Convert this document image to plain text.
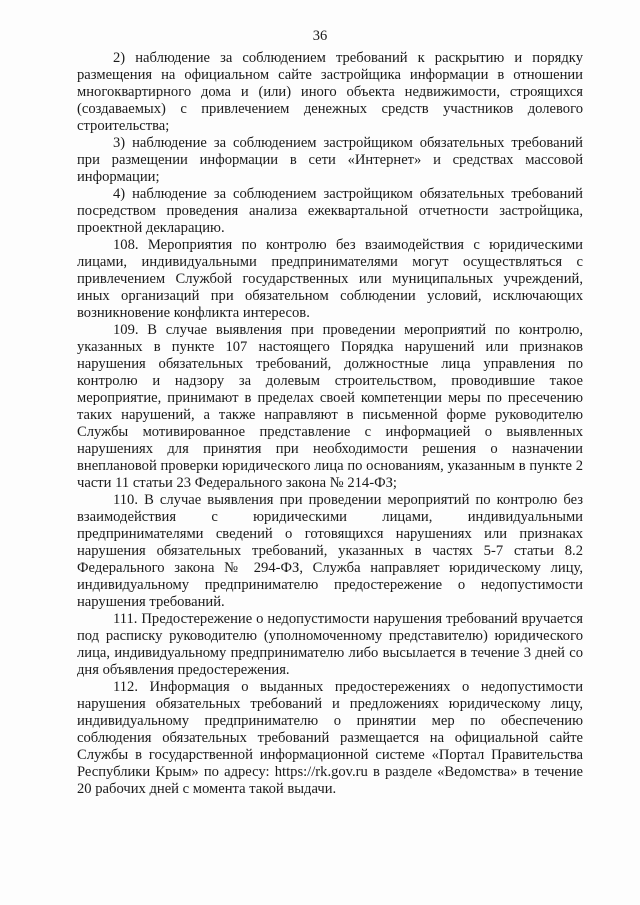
36

2) наблюдение за соблюдением требований к раскрытию и порядку размещения на официальном сайте застройщика информации в отношении многоквартирного дома и (или) иного объекта недвижимости, строящихся (создаваемых) с привлечением денежных средств участников долевого строительства;

3) наблюдение за соблюдением застройщиком обязательных требований при размещении информации в сети «Интернет» и средствах массовой информации;

4) наблюдение за соблюдением застройщиком обязательных требований посредством проведения анализа ежеквартальной отчетности застройщика, проектной декларацию.

108. Мероприятия по контролю без взаимодействия с юридическими лицами, индивидуальными предпринимателями могут осуществляться с привлечением Службой государственных или муниципальных учреждений, иных организаций при обязательном соблюдении условий, исключающих возникновение конфликта интересов.

109. В случае выявления при проведении мероприятий по контролю, указанных в пункте 107 настоящего Порядка нарушений или признаков нарушения обязательных требований, должностные лица управления по контролю и надзору за долевым строительством, проводившие такое мероприятие, принимают в пределах своей компетенции меры по пресечению таких нарушений, а также направляют в письменной форме руководителю Службы мотивированное представление с информацией о выявленных нарушениях для принятия при необходимости решения о назначении внеплановой проверки юридического лица по основаниям, указанным в пункте 2 части 11 статьи 23 Федерального закона № 214-ФЗ;

110. В случае выявления при проведении мероприятий по контролю без взаимодействия с юридическими лицами, индивидуальными предпринимателями сведений о готовящихся нарушениях или признаках нарушения обязательных требований, указанных в частях 5-7 статьи 8.2 Федерального закона № 294-ФЗ, Служба направляет юридическому лицу, индивидуальному предпринимателю предостережение о недопустимости нарушения требований.

111. Предостережение о недопустимости нарушения требований вручается под расписку руководителю (уполномоченному представителю) юридического лица, индивидуальному предпринимателю либо высылается в течение 3 дней со дня объявления предостережения.

112. Информация о выданных предостережениях о недопустимости нарушения обязательных требований и предложениях юридическому лицу, индивидуальному предпринимателю о принятии мер по обеспечению соблюдения обязательных требований размещается на официальной сайте Службы в государственной информационной системе «Портал Правительства Республики Крым» по адресу: https://rk.gov.ru в разделе «Ведомства» в течение 20 рабочих дней с момента такой выдачи.
